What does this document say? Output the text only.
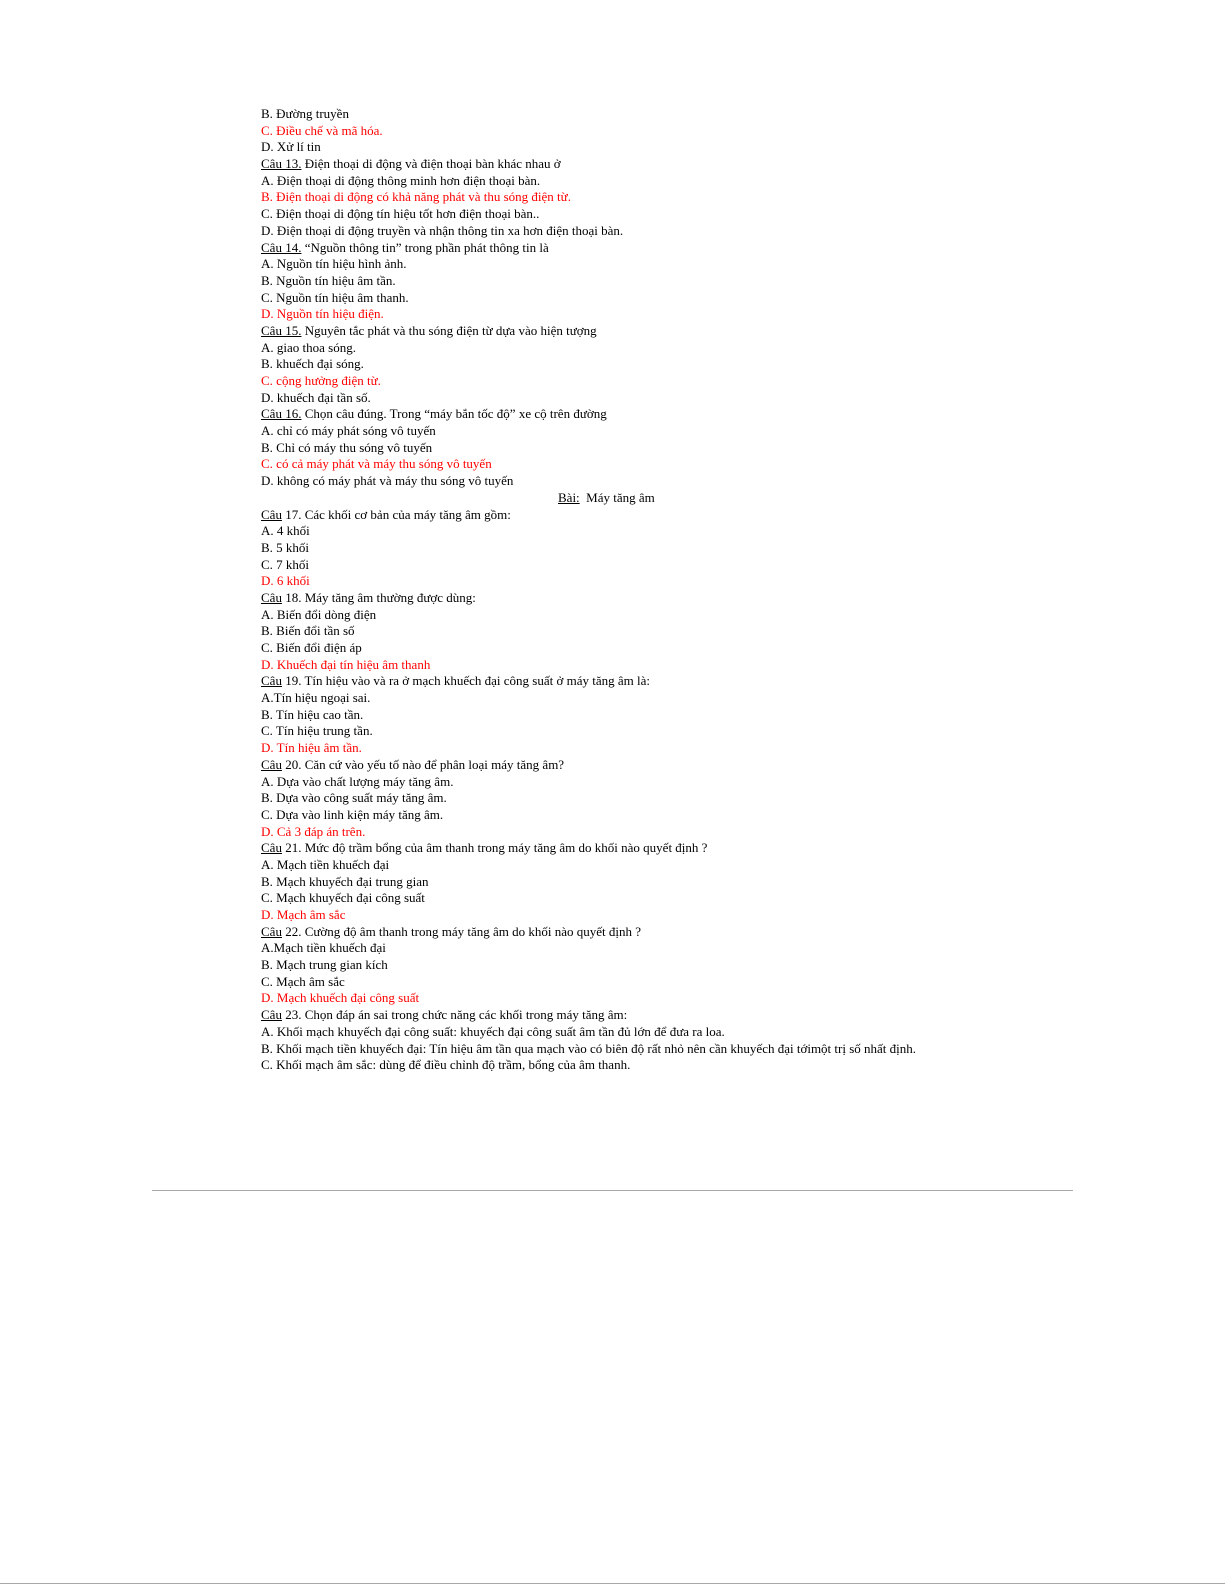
B. Đường truyền
C. Điều chế và mã hóa.
D. Xử lí tin
Câu 13. Điện thoại di động và điện thoại bàn khác nhau ở
A. Điện thoại di động thông minh hơn điện thoại bàn.
B. Điện thoại di động có khả năng phát và thu sóng điện từ.
C. Điện thoại di động tín hiệu tốt hơn điện thoại bàn..
D. Điện thoại di động truyền và nhận thông tin xa hơn điện thoại bàn.
Câu 14. “Nguồn thông tin” trong phần phát thông tin là
A. Nguồn tín hiệu hình ảnh.
B. Nguồn tín hiệu âm tần.
C. Nguồn tín hiệu âm thanh.
D. Nguồn tín hiệu điện.
Câu 15. Nguyên tắc phát và thu sóng điện từ dựa vào hiện tượng
A. giao thoa sóng.
B. khuếch đại sóng.
C. cộng hưởng điện từ.
D. khuếch đại tần số.
Câu 16. Chọn câu đúng. Trong “máy bắn tốc độ” xe cộ trên đường
A. chỉ có máy phát sóng vô tuyến
B. Chỉ có máy thu sóng vô tuyến
C. có cả máy phát và máy thu sóng vô tuyến
D. không có máy phát và máy thu sóng vô tuyến
Bài:  Máy tăng âm
Câu 17. Các khối cơ bản của máy tăng âm gồm:
A. 4 khối
B. 5 khối
C. 7 khối
D. 6 khối
Câu 18. Máy tăng âm thường được dùng:
A. Biến đổi dòng điện
B. Biến đổi tần số
C. Biến đổi điện áp
D. Khuếch đại tín hiệu âm thanh
Câu 19. Tín hiệu vào và ra ở mạch khuếch đại công suất ở máy tăng âm là:
A.Tín hiệu ngoại sai.
B. Tín hiệu cao tần.
C. Tín hiệu trung tần.
D. Tín hiệu âm tần.
Câu 20. Căn cứ vào yếu tố nào để phân loại máy tăng âm?
A. Dựa vào chất lượng máy tăng âm.
B. Dựa vào công suất máy tăng âm.
C. Dựa vào linh kiện máy tăng âm.
D. Cả 3 đáp án trên.
Câu 21. Mức độ trầm bổng của âm thanh trong máy tăng âm do khối nào quyết định ?
A. Mạch tiền khuếch đại
B. Mạch khuyếch đại trung gian
C. Mạch khuyếch đại công suất
D. Mạch âm sắc
Câu 22. Cường độ âm thanh trong máy tăng âm do khối nào quyết định ?
A.Mạch tiền khuếch đại
B. Mạch trung gian kích
C. Mạch âm sắc
D. Mạch khuếch đại công suất
Câu 23. Chọn đáp án sai trong chức năng các khối trong máy tăng âm:
A. Khối mạch khuyếch đại công suất: khuyếch đại công suất âm tần đủ lớn để đưa ra loa.
B. Khối mạch tiền khuyếch đại: Tín hiệu âm tần qua mạch vào có biên độ rất nhỏ nên cần khuyếch đại tớimột trị số nhất định.
C. Khối mạch âm sắc: dùng để điều chỉnh độ trầm, bổng của âm thanh.
